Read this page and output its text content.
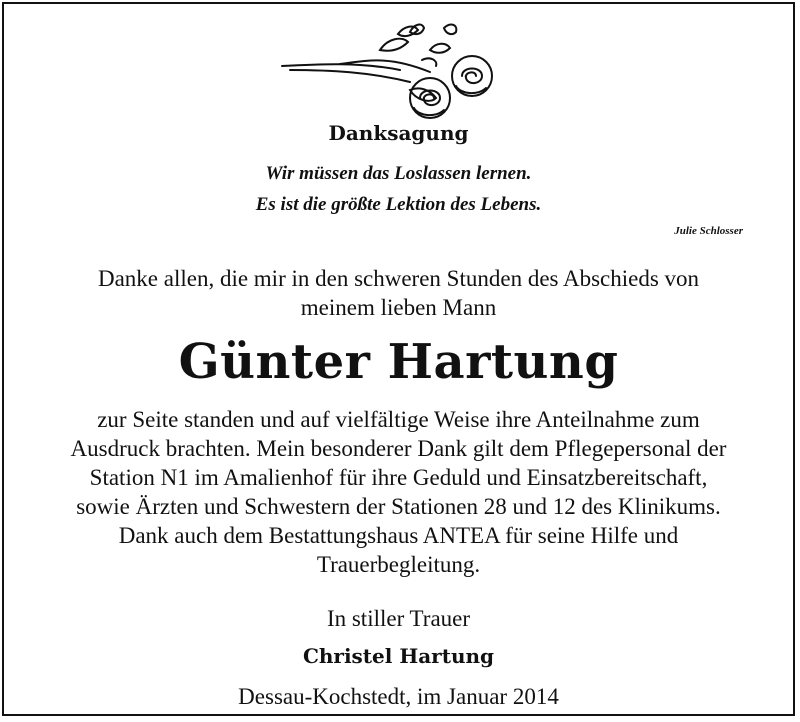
Danksagung
Wir müssen das Loslassen lernen.
Es ist die größte Lektion des Lebens.
Julie Schlosser
Danke allen, die mir in den schweren Stunden des Abschieds von
meinem lieben Mann
Günter Hartung
zur Seite standen und auf vielfältige Weise ihre Anteilnahme zum
Ausdruck brachten. Mein besonderer Dank gilt dem Pflegepersonal der
Station N1 im Amalienhof für ihre Geduld und Einsatzbereitschaft,
sowie Ärzten und Schwestern der Stationen 28 und 12 des Klinikums.
Dank auch dem Bestattungshaus ANTEA für seine Hilfe und
Trauerbegleitung.
In stiller Trauer
Christel Hartung
Dessau-Kochstedt, im Januar 2014
